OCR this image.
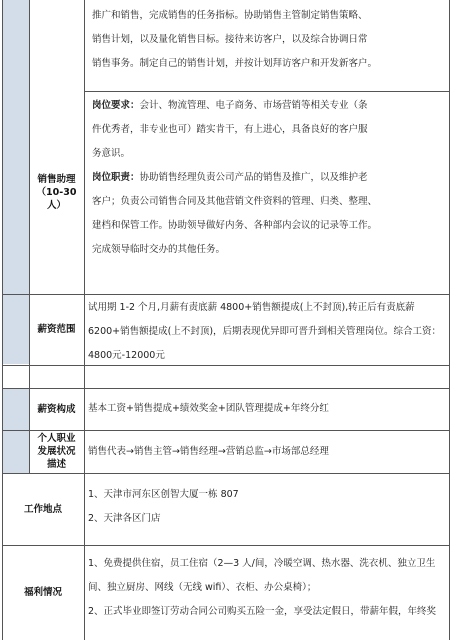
推广和销售，完成销售的任务指标。协助销售主管制定销售策略、
销售计划，以及量化销售目标。接待来访客户，以及综合协调日常
销售事务。制定自己的销售计划，并按计划拜访客户和开发新客户。
销售助理
（10-30 人）
岗位要求：会计、物流管理、电子商务、市场营销等相关专业（条
件优秀者，非专业也可）踏实肯干，有上进心，具备良好的客户服
务意识。
岗位职责：协助销售经理负责公司产品的销售及推广，以及维护老
客户；负责公司销售合同及其他营销文件资料的管理、归类、整理、
建档和保管工作。协助领导做好内务、各种部内会议的记录等工作。
完成领导临时交办的其他任务。
薪资范围
试用期 1-2 个月,月薪有责底薪 4800+销售额提成(上不封顶),转正后有责底薪
6200+销售额提成(上不封顶)，后期表现优异即可晋升到相关管理岗位。综合工资：
4800元-12000元
薪资构成	基本工资+销售提成+绩效奖金+团队管理提成+年终分红
个人职业
发展状况
描述
销售代表→销售主管→销售经理→营销总监→市场部总经理
工作地点
1、天津市河东区创智大厦一栋 807
2、天津各区门店
福利情况
1、免费提供住宿，员工住宿（2—3 人/间，冷暖空调、热水器、洗衣机、独立卫生
间、独立厨房、网线（无线 wifi）、衣柜、办公桌椅）；
2、正式毕业即签订劳动合同公司购买五险一金，享受法定假日，带薪年假，年终奖
